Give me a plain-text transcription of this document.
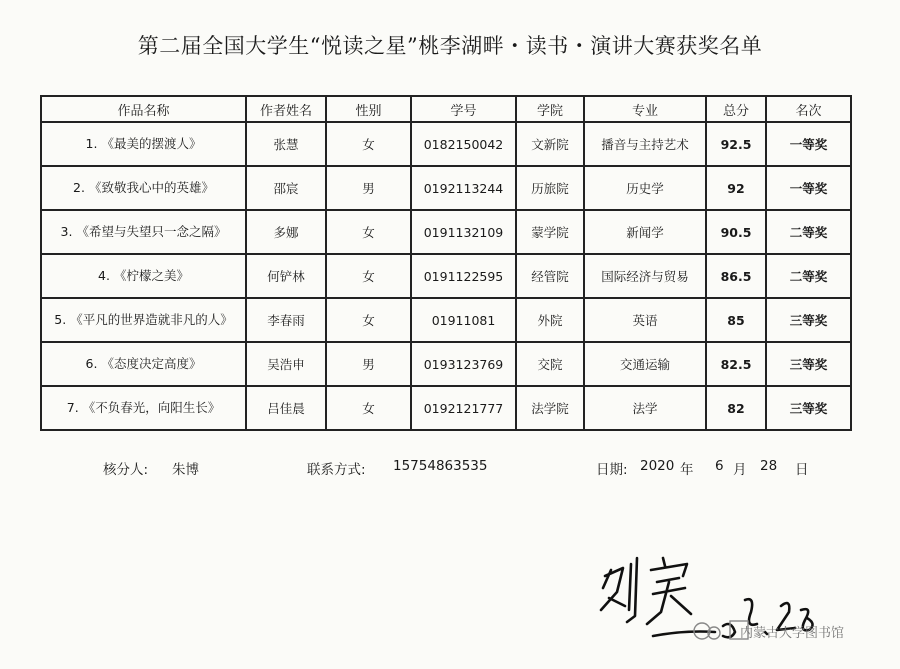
第二届全国大学生“悦读之星”桃李湖畔・读书・演讲大赛获奖名单
作品名称	作者姓名	性别	学号	学院	专业	总分	名次
1. 《最美的摆渡人》	张慧	女	0182150042	文新院	播音与主持艺术	92.5	一等奖
2. 《致敬我心中的英雄》	邵宸	男	0192113244	历旅院	历史学	92	一等奖
3. 《希望与失望只一念之隔》	多娜	女	0191132109	蒙学院	新闻学	90.5	二等奖
4. 《柠檬之美》	何铲林	女	0191122595	经管院	国际经济与贸易	86.5	二等奖
5. 《平凡的世界造就非凡的人》	李春雨	女	01911081	外院	英语	85	三等奖
6. 《态度决定高度》	吴浩申	男	0193123769	交院	交通运输	82.5	三等奖
7. 《不负春光，向阳生长》	吕佳晨	女	0192121777	法学院	法学	82	三等奖
核分人: 朱博	联系方式: 15754863535	日期: 2020 年 6 月 28 日
内蒙古大学图书馆
